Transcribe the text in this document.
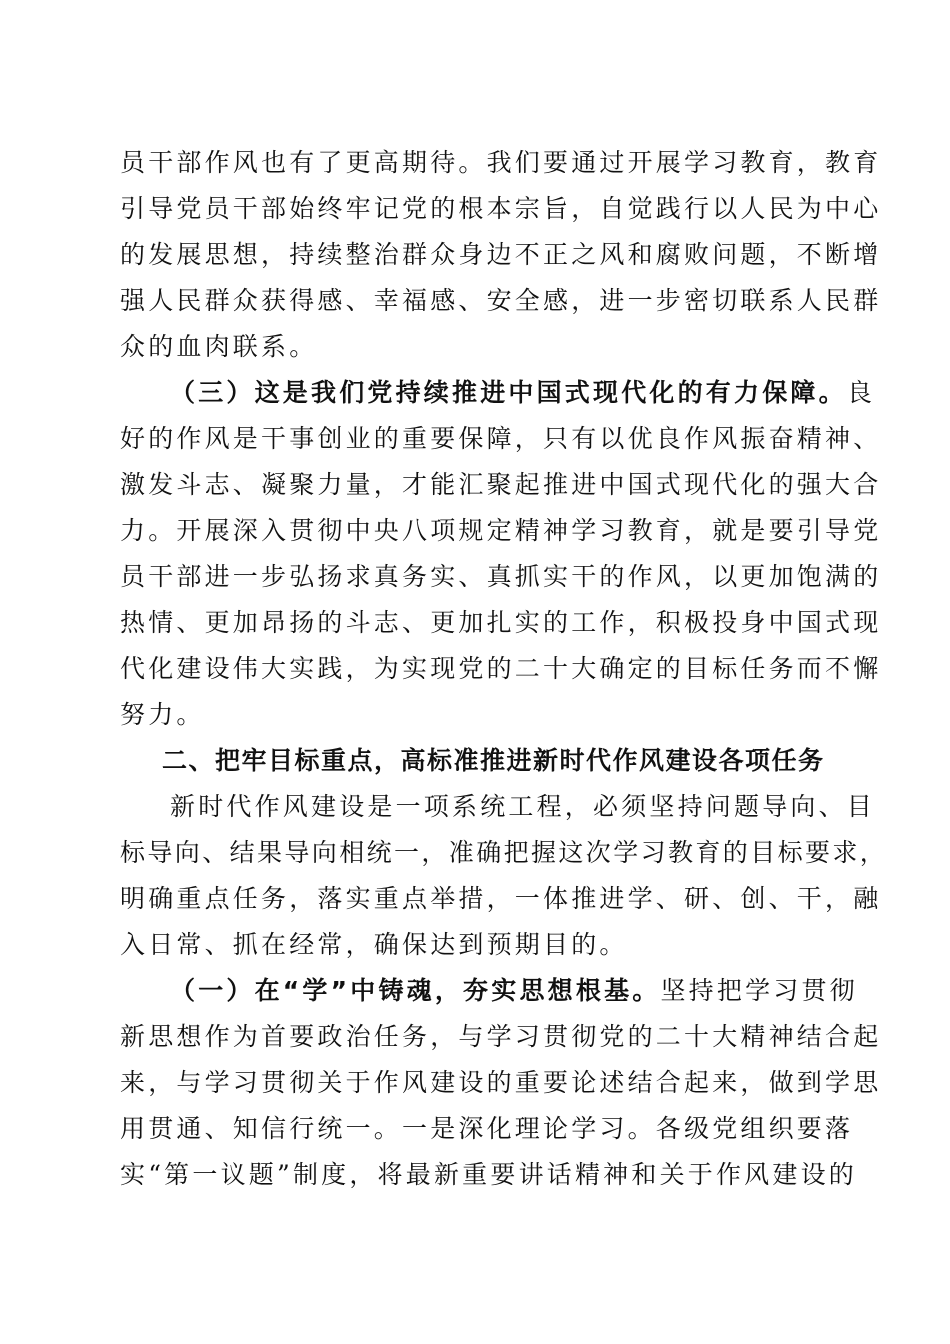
员干部作风也有了更高期待。我们要通过开展学习教育，教育
引导党员干部始终牢记党的根本宗旨，自觉践行以人民为中心
的发展思想，持续整治群众身边不正之风和腐败问题，不断增
强人民群众获得感、幸福感、安全感，进一步密切联系人民群
众的血肉联系。
（三）这是我们党持续推进中国式现代化的有力保障。良
好的作风是干事创业的重要保障，只有以优良作风振奋精神、
激发斗志、凝聚力量，才能汇聚起推进中国式现代化的强大合
力。开展深入贯彻中央八项规定精神学习教育，就是要引导党
员干部进一步弘扬求真务实、真抓实干的作风，以更加饱满的
热情、更加昂扬的斗志、更加扎实的工作，积极投身中国式现
代化建设伟大实践，为实现党的二十大确定的目标任务而不懈
努力。
二、把牢目标重点，高标准推进新时代作风建设各项任务
新时代作风建设是一项系统工程，必须坚持问题导向、目
标导向、结果导向相统一，准确把握这次学习教育的目标要求，
明确重点任务，落实重点举措，一体推进学、研、创、干，融
入日常、抓在经常，确保达到预期目的。
（一）在“学”中铸魂，夯实思想根基。坚持把学习贯彻
新思想作为首要政治任务，与学习贯彻党的二十大精神结合起
来，与学习贯彻关于作风建设的重要论述结合起来，做到学思
用贯通、知信行统一。一是深化理论学习。各级党组织要落
实“第一议题”制度，将最新重要讲话精神和关于作风建设的
